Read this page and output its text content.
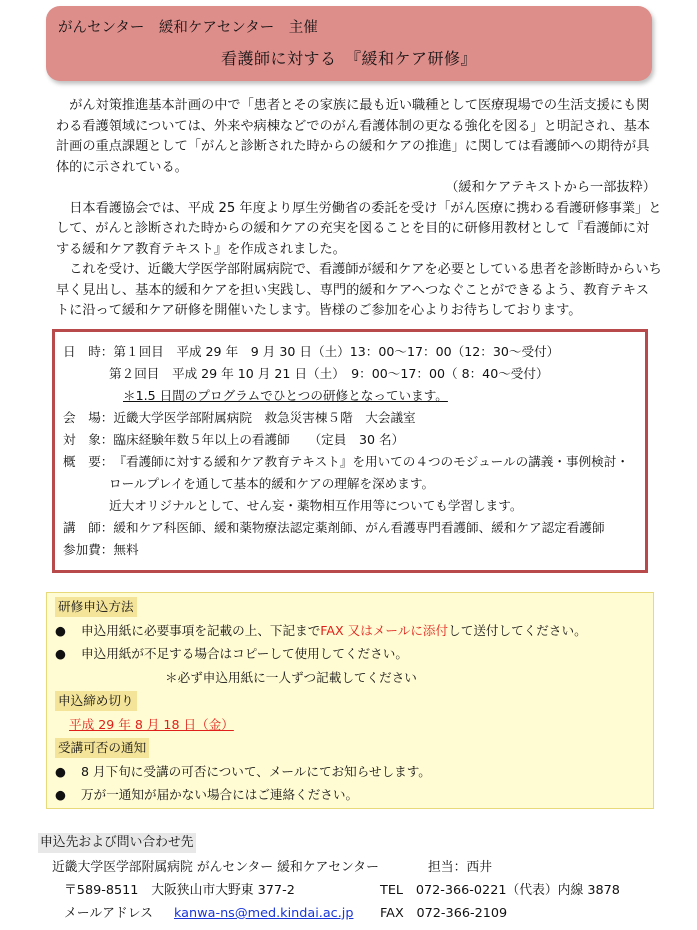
がんセンター　緩和ケアセンター　主催
看護師に対する　『緩和ケア研修』

がん対策推進基本計画の中で「患者とその家族に最も近い職種として医療現場での生活支援にも関わる看護領域については、外来や病棟などでのがん看護体制の更なる強化を図る」と明記され、基本計画の重点課題として「がんと診断された時からの緩和ケアの推進」に関しては看護師への期待が具体的に示されている。

（緩和ケアテキストから一部抜粋）

日本看護協会では、平成 25 年度より厚生労働省の委託を受け「がん医療に携わる看護研修事業」として、がんと診断された時からの緩和ケアの充実を図ることを目的に研修用教材として『看護師に対する緩和ケア教育テキスト』を作成されました。

これを受け、近畿大学医学部附属病院で、看護師が緩和ケアを必要としている患者を診断時からいち早く見出し、基本的緩和ケアを担い実践し、専門的緩和ケアへつなぐことができるよう、教育テキストに沿って緩和ケア研修を開催いたします。皆様のご参加を心よりお待ちしております。

日　時： 第１回目　平成 29 年　9 月 30 日（土）13：00〜17：00（12：30〜受付）
第２回目　平成 29 年 10 月 21 日（土）　9：00〜17：00（ 8：40〜受付）
＊1.5 日間のプログラムでひとつの研修となっています。
会　場： 近畿大学医学部附属病院　救急災害棟５階　大会議室
対　象： 臨床経験年数５年以上の看護師　　（定員　30 名）
概　要： 『看護師に対する緩和ケア教育テキスト』を用いての４つのモジュールの講義・事例検討・
ロールプレイを通して基本的緩和ケアの理解を深めます。
近大オリジナルとして、せん妄・薬物相互作用等についても学習します。
講　師： 緩和ケア科医師、緩和薬物療法認定薬剤師、がん看護専門看護師、緩和ケア認定看護師
参加費： 無料
研修申込方法
● 申込用紙に必要事項を記載の上、下記までFAX 又はメールに添付して送付してください。
● 申込用紙が不足する場合はコピーして使用してください。
＊必ず申込用紙に一人ずつ記載してください
申込締め切り
平成 29 年 8 月 18 日（金）
受講可否の通知
● 8 月下旬に受講の可否について、メールにてお知らせします。
● 万が一通知が届かない場合にはご連絡ください。
申込先および問い合わせ先
近畿大学医学部附属病院 がんセンター 緩和ケアセンター	担当：西井
〒589-8511　大阪狭山市大野東 377-2	TEL　072-366-0221（代表）内線 3878
メールアドレス kanwa-ns@med.kindai.ac.jp FAX　072-366-2109
